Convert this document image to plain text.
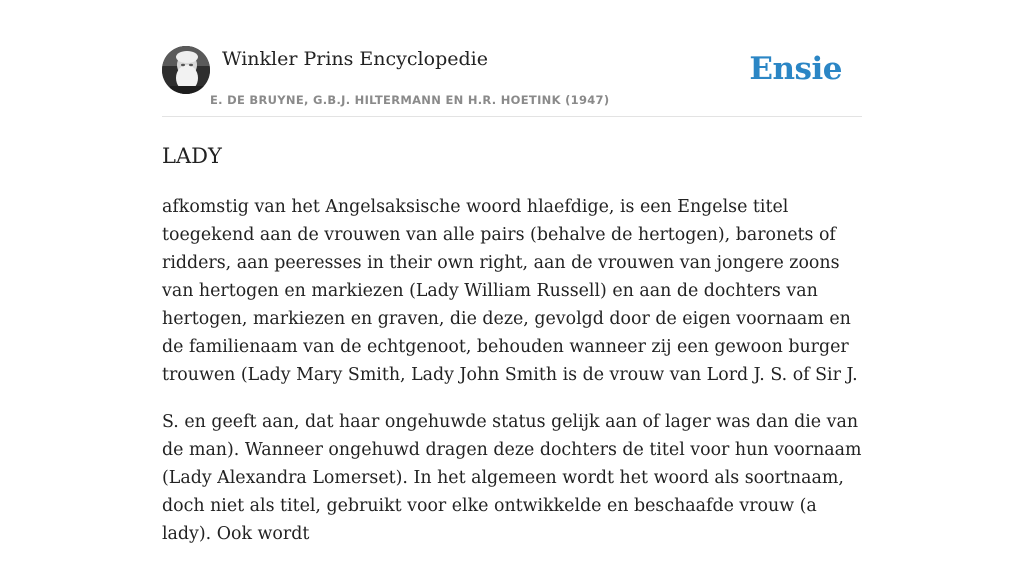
Winkler Prins Encyclopedie
E. DE BRUYNE, G.B.J. HILTERMANN EN H.R. HOETINK (1947)
Ensie
LADY

afkomstig van het Angelsaksische woord hlaefdige, is een Engelse titel toegekend aan de vrouwen van alle pairs (behalve de hertogen), baronets of ridders, aan peeresses in their own right, aan de vrouwen van jongere zoons van hertogen en markiezen (Lady William Russell) en aan de dochters van hertogen, markiezen en graven, die deze, gevolgd door de eigen voornaam en de familienaam van de echtgenoot, behouden wanneer zij een gewoon burger trouwen (Lady Mary Smith, Lady John Smith is de vrouw van Lord J. S. of Sir J.

S. en geeft aan, dat haar ongehuwde status gelijk aan of lager was dan die van de man). Wanneer ongehuwd dragen deze dochters de titel voor hun voornaam (Lady Alexandra Lomerset). In het algemeen wordt het woord als soortnaam, doch niet als titel, gebruikt voor elke ontwikkelde en beschaafde vrouw (a lady). Ook wordt
